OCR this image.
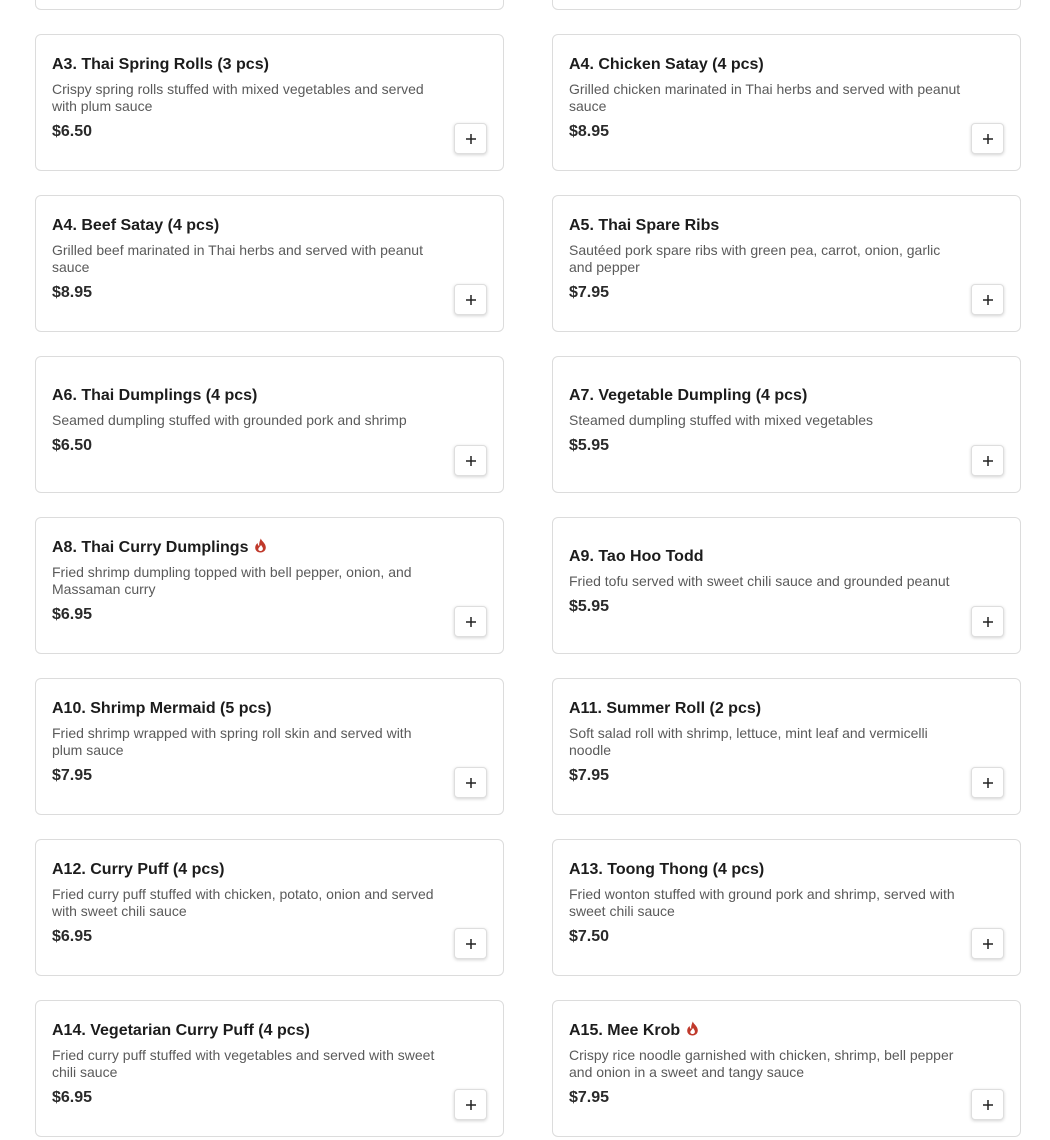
A3. Thai Spring Rolls (3 pcs)
Crispy spring rolls stuffed with mixed vegetables and served with plum sauce
$6.50
A4. Chicken Satay (4 pcs)
Grilled chicken marinated in Thai herbs and served with peanut sauce
$8.95
A4. Beef Satay (4 pcs)
Grilled beef marinated in Thai herbs and served with peanut sauce
$8.95
A5. Thai Spare Ribs
Sautéed pork spare ribs with green pea, carrot, onion, garlic and pepper
$7.95
A6. Thai Dumplings (4 pcs)
Seamed dumpling stuffed with grounded pork and shrimp
$6.50
A7. Vegetable Dumpling (4 pcs)
Steamed dumpling stuffed with mixed vegetables
$5.95
A8. Thai Curry Dumplings
Fried shrimp dumpling topped with bell pepper, onion, and Massaman curry
$6.95
A9. Tao Hoo Todd
Fried tofu served with sweet chili sauce and grounded peanut
$5.95
A10. Shrimp Mermaid (5 pcs)
Fried shrimp wrapped with spring roll skin and served with plum sauce
$7.95
A11. Summer Roll (2 pcs)
Soft salad roll with shrimp, lettuce, mint leaf and vermicelli noodle
$7.95
A12. Curry Puff (4 pcs)
Fried curry puff stuffed with chicken, potato, onion and served with sweet chili sauce
$6.95
A13. Toong Thong (4 pcs)
Fried wonton stuffed with ground pork and shrimp, served with sweet chili sauce
$7.50
A14. Vegetarian Curry Puff (4 pcs)
Fried curry puff stuffed with vegetables and served with sweet chili sauce
$6.95
A15. Mee Krob
Crispy rice noodle garnished with chicken, shrimp, bell pepper and onion in a sweet and tangy sauce
$7.95
